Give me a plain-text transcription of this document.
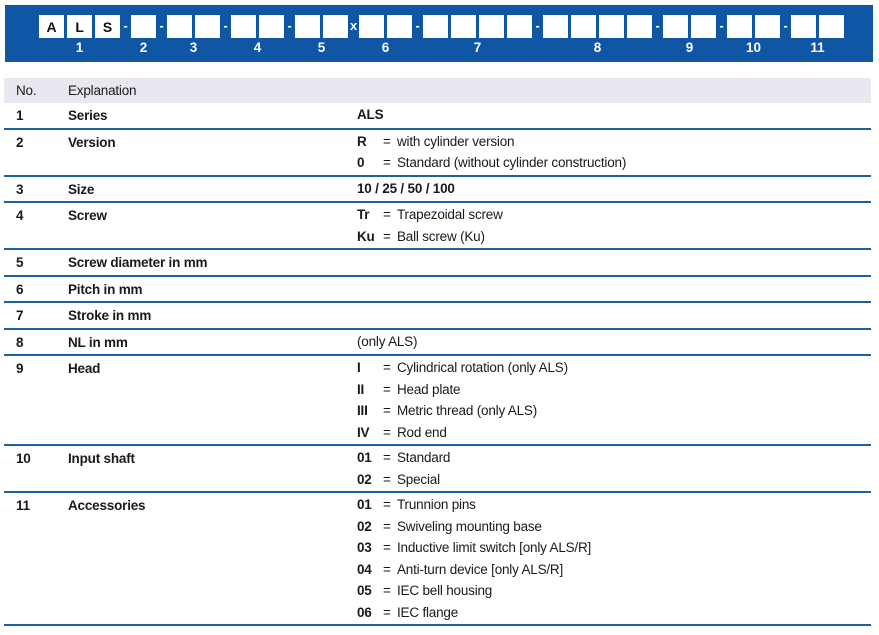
A	L	S
1
-
2
-
3
-
4
-
5
x
6
-
7
-
8
-
9
-
10
-
11
No.	Explanation
1	Series	ALS
2	Version	R	= with cylinder version
0	= Standard (without cylinder construction)
3	Size	10 / 25 / 50 / 100
4	Screw	Tr	= Trapezoidal screw
Ku = Ball screw (Ku)
5	Screw diameter in mm
6	Pitch in mm
7	Stroke in mm
8	NL in mm	(only ALS)
9	Head	I	= Cylindrical rotation (only ALS)
II	= Head plate
III	= Metric thread (only ALS)
IV	= Rod end
10	Input shaft	01 = Standard
02 = Special
11	Accessories	01 = Trunnion pins
02 = Swiveling mounting base
03 = Inductive limit switch [only ALS/R]
04 = Anti-turn device [only ALS/R]
05 = IEC bell housing
06 = IEC flange
